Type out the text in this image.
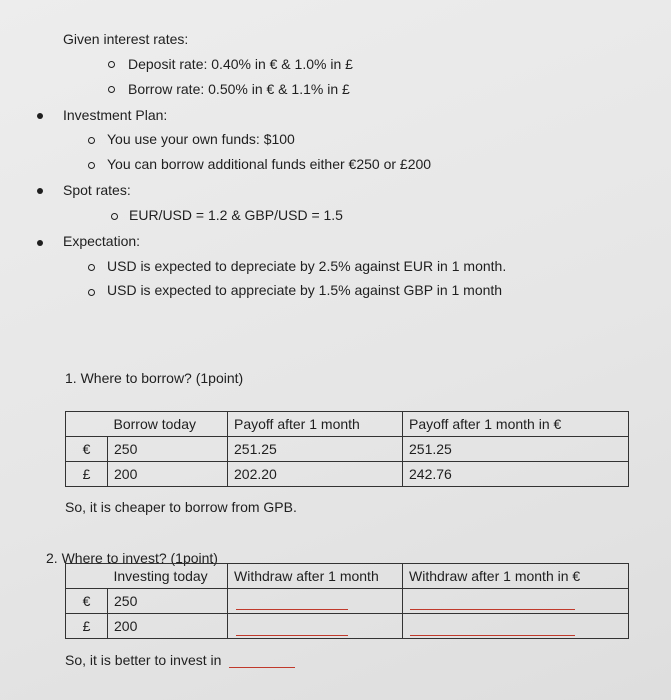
Given interest rates:
Deposit rate: 0.40% in € & 1.0% in £
Borrow rate: 0.50% in € & 1.1% in £
Investment Plan:
You use your own funds: $100
You can borrow additional funds either €250 or £200
Spot rates:
EUR/USD = 1.2 & GBP/USD = 1.5
Expectation:
USD is expected to depreciate by 2.5% against EUR in 1 month.
USD is expected to appreciate by 1.5% against GBP in 1 month
1. Where to borrow? (1point)
	Borrow today	Payoff after 1 month	Payoff after 1 month in €
€	250	251.25	251.25
£	200	202.20	242.76
So, it is cheaper to borrow from GPB.
2. Where to invest? (1point)
	Investing today	Withdraw after 1 month	Withdraw after 1 month in €
€	250		
£	200		
So, it is better to invest in
